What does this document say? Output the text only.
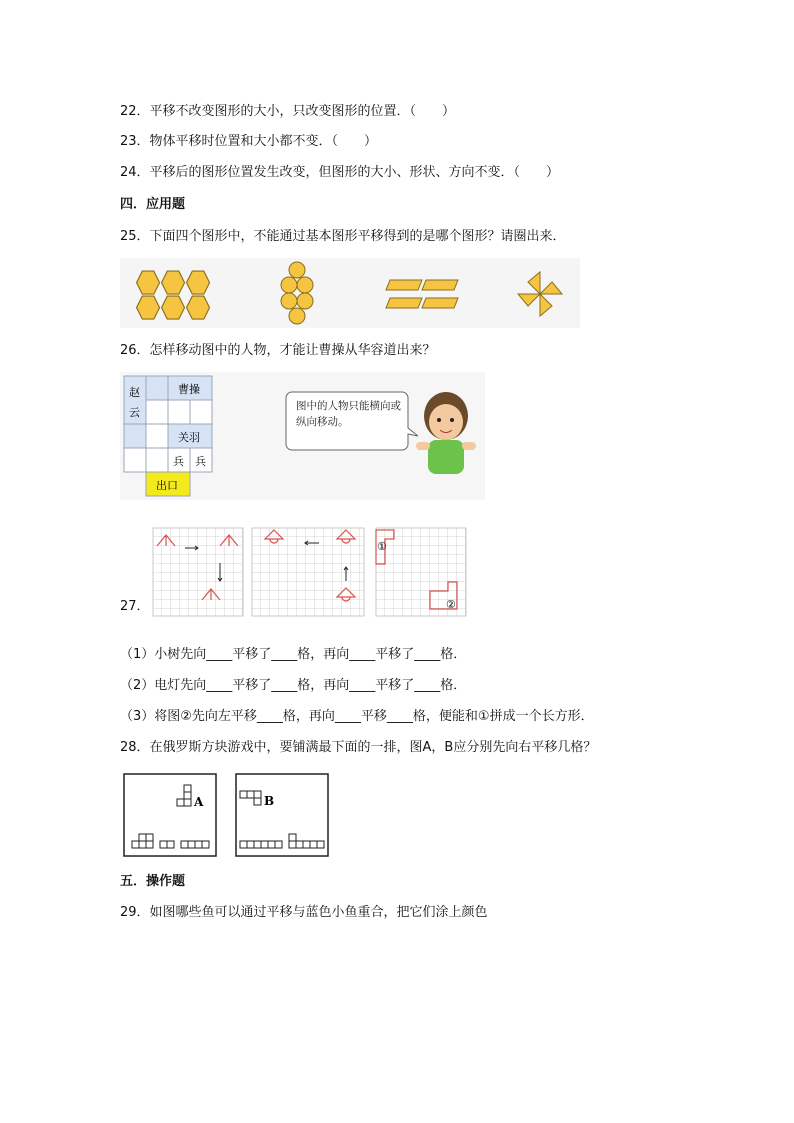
22．平移不改变图形的大小，只改变图形的位置．（　　）
23．物体平移时位置和大小都不变．（　　）
24．平移后的图形位置发生改变，但图形的大小、形状、方向不变．（　　）
四．应用题
25．下面四个图形中，不能通过基本图形平移得到的是哪个图形？请圈出来．
26．怎样移动图中的人物，才能让曹操从华容道出来？
赵
云
曹操
关羽
兵 兵
出口
图中的人物只能横向或纵向移动。
27．
①
②
（1）小树先向____平移了____格，再向____平移了____格．
（2）电灯先向____平移了____格，再向____平移了____格．
（3）将图②先向左平移____格，再向____平移____格，便能和①拼成一个长方形．
28．在俄罗斯方块游戏中，要铺满最下面的一排，图A，B应分别先向右平移几格？
A	B
五．操作题
29．如图哪些鱼可以通过平移与蓝色小鱼重合，把它们涂上颜色
